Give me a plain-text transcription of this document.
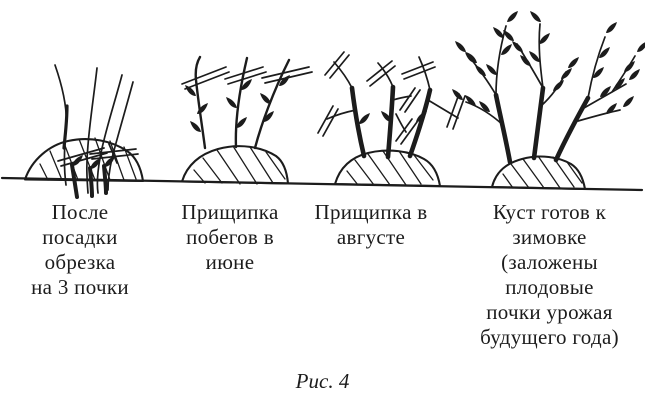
После
посадки
обрезка
на 3 почки
Прищипка
побегов в
июне
Прищипка в
августе
Куст готов к
зимовке
(заложены
плодовые
почки урожая
будущего года)
Рис. 4
